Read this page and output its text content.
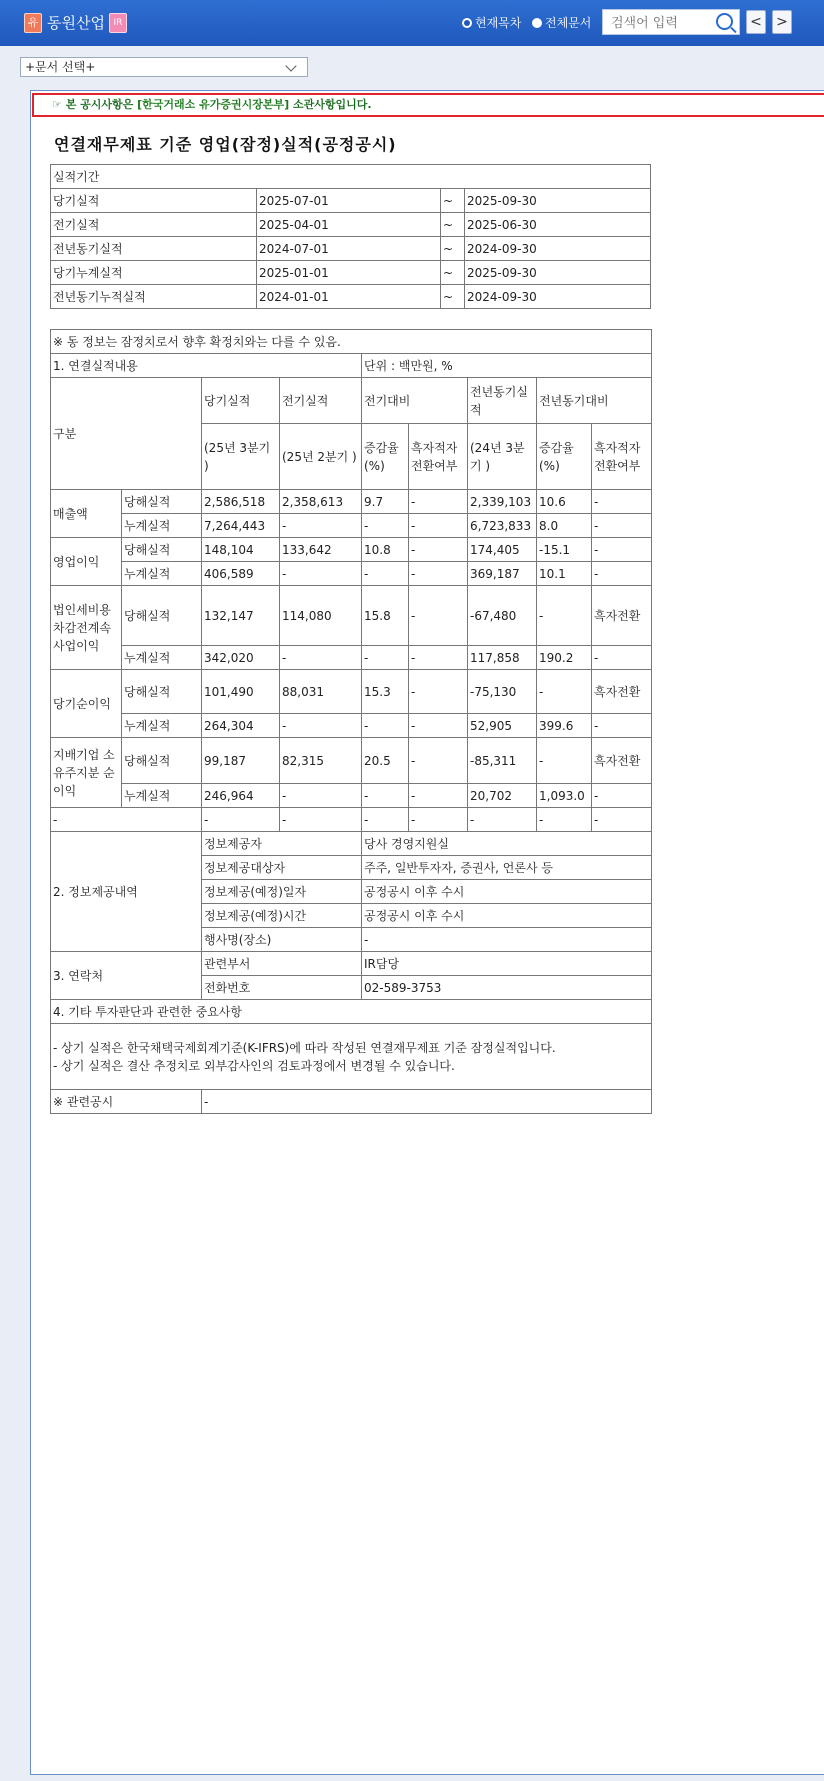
유 동원산업 IR	현재목차 전체문서
검색어 입력	< >
+문서 선택+
☞ 본 공시사항은 [한국거래소 유가증권시장본부] 소관사항입니다.
연결재무제표 기준 영업(잠정)실적(공정공시)
실적기간			
당기실적	2025-07-01	~	2025-09-30
전기실적	2025-04-01	~	2025-06-30
전년동기실적	2024-07-01	~	2024-09-30
당기누계실적	2025-01-01	~	2025-09-30
전년동기누적실적	2024-01-01	~	2024-09-30
※ 동 정보는 잠정치로서 향후 확정치와는 다를 수 있음.								
1. 연결실적내용				단위 : 백만원, %				
구분		당기실적	전기실적	전기대비		전년동기실적	전년동기대비	
		(25년 3분기 )	(25년 2분기 )	증감율(%)	흑자적자전환여부	(24년 3분기 )	증감율(%)	흑자적자전환여부
매출액	당해실적	2,586,518	2,358,613	9.7	-	2,339,103	10.6	-
	누계실적	7,264,443	-	-	-	6,723,833	8.0	-
영업이익	당해실적	148,104	133,642	10.8	-	174,405	-15.1	-
	누계실적	406,589	-	-	-	369,187	10.1	-
법인세비용차감전계속사업이익	당해실적	132,147	114,080	15.8	-	-67,480	-	흑자전환
	누계실적	342,020	-	-	-	117,858	190.2	-
당기순이익	당해실적	101,490	88,031	15.3	-	-75,130	-	흑자전환
	누계실적	264,304	-	-	-	52,905	399.6	-
지배기업 소유주지분 순이익	당해실적	99,187	82,315	20.5	-	-85,311	-	흑자전환
	누계실적	246,964	-	-	-	20,702	1,093.0	-
-		-	-	-	-	-	-	-
2. 정보제공내역		정보제공자		당사 경영지원실				
		정보제공대상자		주주, 일반투자자, 증권사, 언론사 등				
		정보제공(예정)일자		공정공시 이후 수시				
		정보제공(예정)시간		공정공시 이후 수시				
		행사명(장소)		-				
3. 연락처		관련부서		IR담당				
		전화번호		02-589-3753				
4. 기타 투자판단과 관련한 중요사항								

- 상기 실적은 한국채택국제회계기준(K-IFRS)에 따라 작성된 연결재무제표 기준 잠정실적입니다.
- 상기 실적은 결산 추정치로 외부감사인의 검토과정에서 변경될 수 있습니다.								

※ 관련공시		-						
